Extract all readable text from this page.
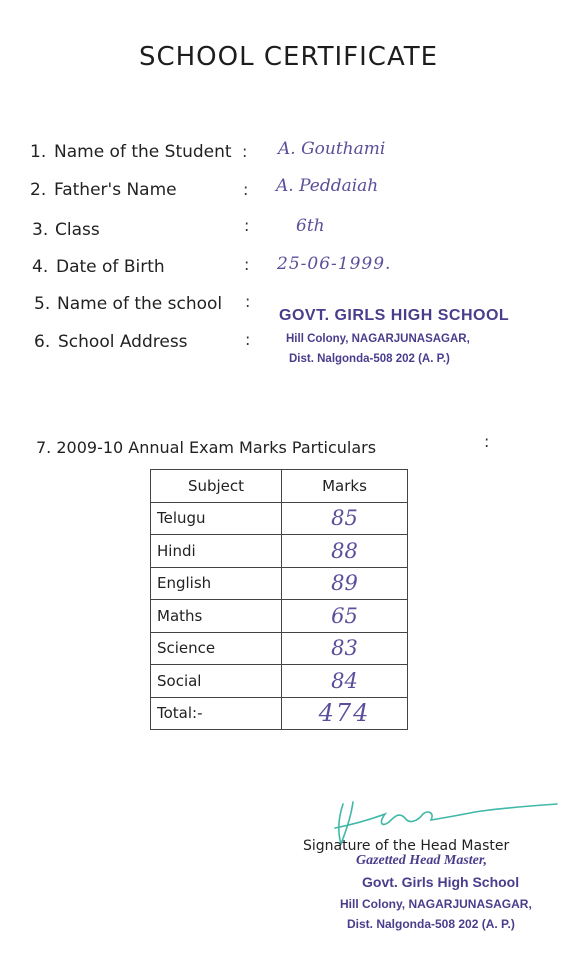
SCHOOL CERTIFICATE
1. Name of the Student : A. Gouthami
2. Father's Name	: A. Peddaiah
3. Class	:	6th
4. Date of Birth	: 25-06-1999.
5. Name of the school :
6. School Address	:
GOVT. GIRLS HIGH SCHOOL
Hill Colony, NAGARJUNASAGAR,
Dist. Nalgonda-508 202 (A. P.)
7. 2009-10 Annual Exam Marks Particulars	:
Subject	Marks
Telugu	85
Hindi	88
English	89
Maths	65
Science	83
Social	84
Total:-	474
Signature of the Head Master
Gazetted Head Master,
Govt. Girls High School
Hill Colony, NAGARJUNASAGAR,
Dist. Nalgonda-508 202 (A. P.)
